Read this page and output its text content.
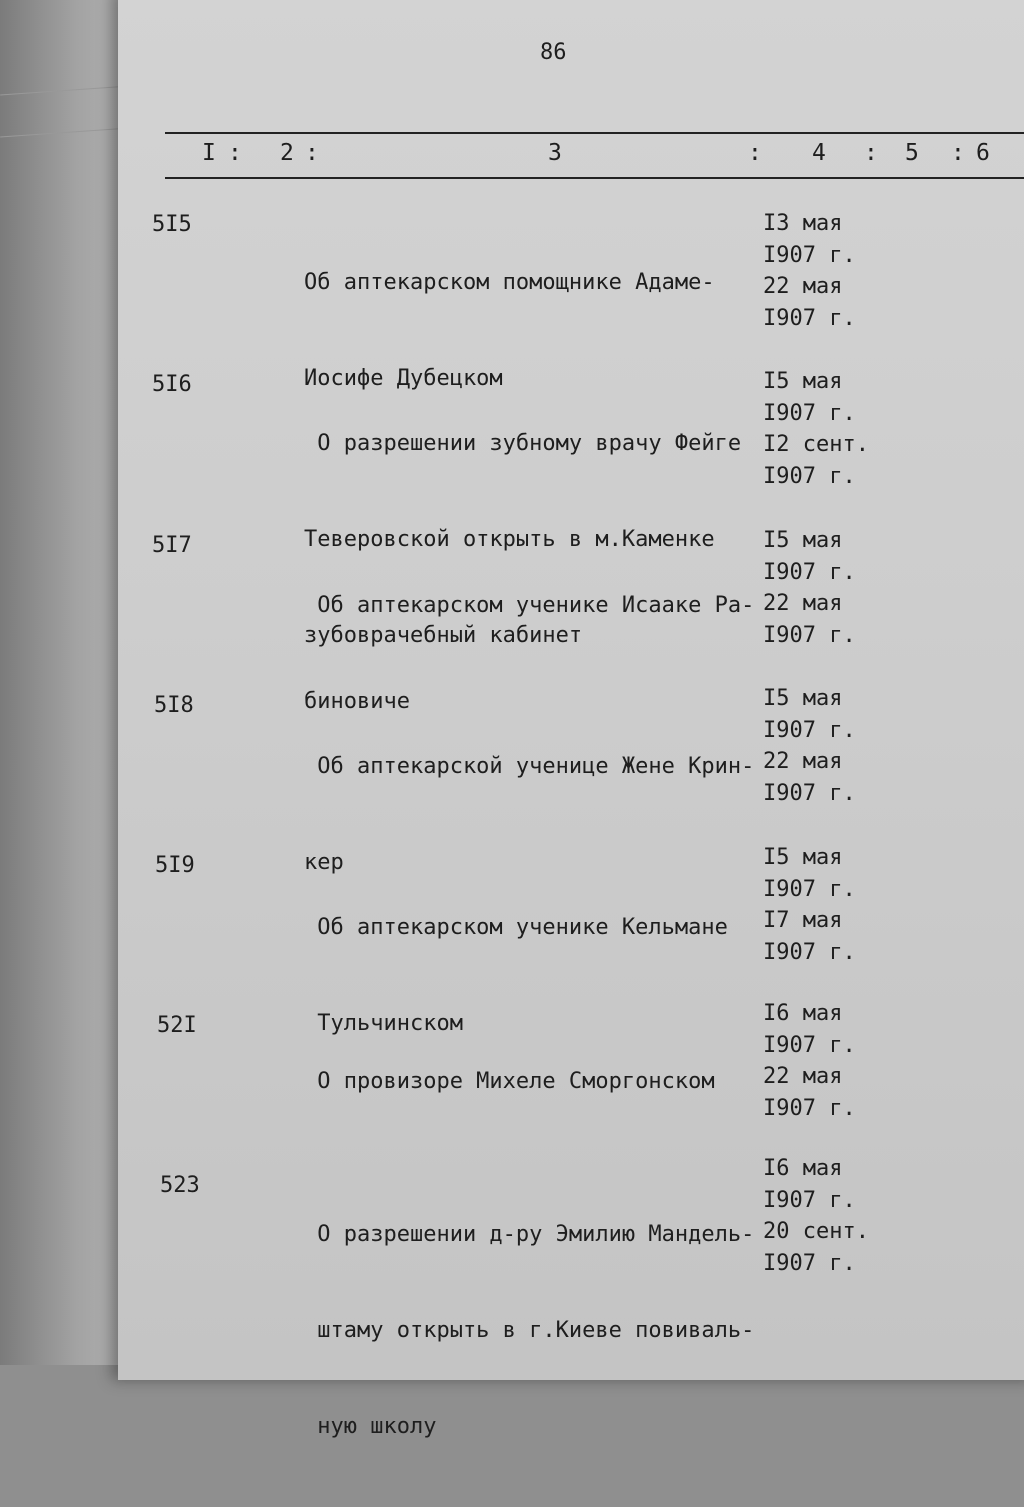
86
I : 2 :	3	: 4 : 5 : 6
5I5

Об аптекарском помощнике Адаме-

Иосифе Дубецком

I3 мая
I907 г.
22 мая
I907 г.
5I6

О разрешении зубному врачу Фейге

Теверовской открыть в м.Каменке

зубоврачебный кабинет

I5 мая
I907 г.
I2 сент.
I907 г.
5I7

Об аптекарском ученике Исааке Ра-

биновиче

I5 мая
I907 г.
22 мая
I907 г.
5I8

Об аптекарской ученице Жене Крин-

кер

I5 мая
I907 г.
22 мая
I907 г.
5I9

Об аптекарском ученике Кельмане

Тульчинском

I5 мая
I907 г.
I7 мая
I907 г.
52I

О провизоре Михеле Сморгонском

I6 мая
I907 г.
22 мая
I907 г.
523

О разрешении д-ру Эмилию Мандель-

штаму открыть в г.Киеве повиваль-

ную школу

I6 мая
I907 г.
20 сент.
I907 г.
